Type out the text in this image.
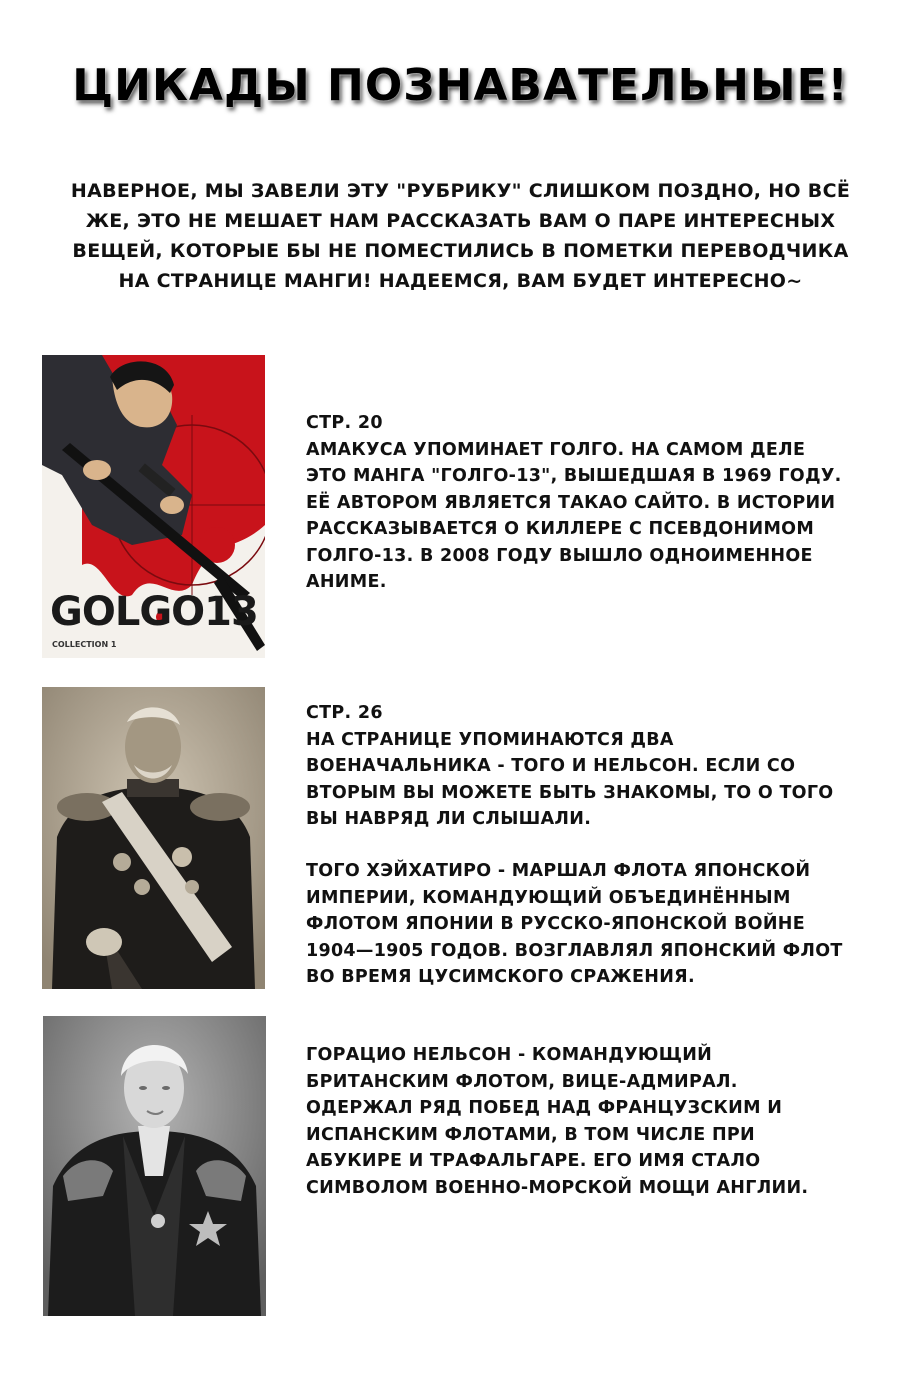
ЦИКАДЫ ПОЗНАВАТЕЛЬНЫЕ!
НАВЕРНОЕ, МЫ ЗАВЕЛИ ЭТУ "РУБРИКУ" СЛИШКОМ ПОЗДНО, НО ВСЁ ЖЕ, ЭТО НЕ МЕШАЕТ НАМ РАССКАЗАТЬ ВАМ О ПАРЕ ИНТЕРЕСНЫХ ВЕЩЕЙ, КОТОРЫЕ БЫ НЕ ПОМЕСТИЛИСЬ В ПОМЕТКИ ПЕРЕВОДЧИКА НА СТРАНИЦЕ МАНГИ! НАДЕЕМСЯ, ВАМ БУДЕТ ИНТЕРЕСНО~
GOLGO13
COLLECTION 1

СТР. 20

АМАКУСА УПОМИНАЕТ ГОЛГО. НА САМОМ ДЕЛЕ ЭТО МАНГА "ГОЛГО-13", ВЫШЕДШАЯ В 1969 ГОДУ. ЕЁ АВТОРОМ ЯВЛЯЕТСЯ ТАКАО САЙТО. В ИСТОРИИ РАССКАЗЫВАЕТСЯ О КИЛЛЕРЕ С ПСЕВДОНИМОМ ГОЛГО-13. В 2008 ГОДУ ВЫШЛО ОДНОИМЕННОЕ АНИМЕ.

СТР. 26

НА СТРАНИЦЕ УПОМИНАЮТСЯ ДВА ВОЕНАЧАЛЬНИКА - ТОГО И НЕЛЬСОН. ЕСЛИ СО ВТОРЫМ ВЫ МОЖЕТЕ БЫТЬ ЗНАКОМЫ, ТО О ТОГО ВЫ НАВРЯД ЛИ СЛЫШАЛИ.

ТОГО ХЭЙХАТИРО - МАРШАЛ ФЛОТА ЯПОНСКОЙ ИМПЕРИИ, КОМАНДУЮЩИЙ ОБЪЕДИНЁННЫМ ФЛОТОМ ЯПОНИИ В РУССКО-ЯПОНСКОЙ ВОЙНЕ 1904—1905 ГОДОВ. ВОЗГЛАВЛЯЛ ЯПОНСКИЙ ФЛОТ ВО ВРЕМЯ ЦУСИМСКОГО СРАЖЕНИЯ.
ГОРАЦИО НЕЛЬСОН - КОМАНДУЮЩИЙ БРИТАНСКИМ ФЛОТОМ, ВИЦЕ-АДМИРАЛ. ОДЕРЖАЛ РЯД ПОБЕД НАД ФРАНЦУЗСКИМ И ИСПАНСКИМ ФЛОТАМИ, В ТОМ ЧИСЛЕ ПРИ АБУКИРЕ И ТРАФАЛЬГАРЕ. ЕГО ИМЯ СТАЛО СИМВОЛОМ ВОЕННО-МОРСКОЙ МОЩИ АНГЛИИ.
